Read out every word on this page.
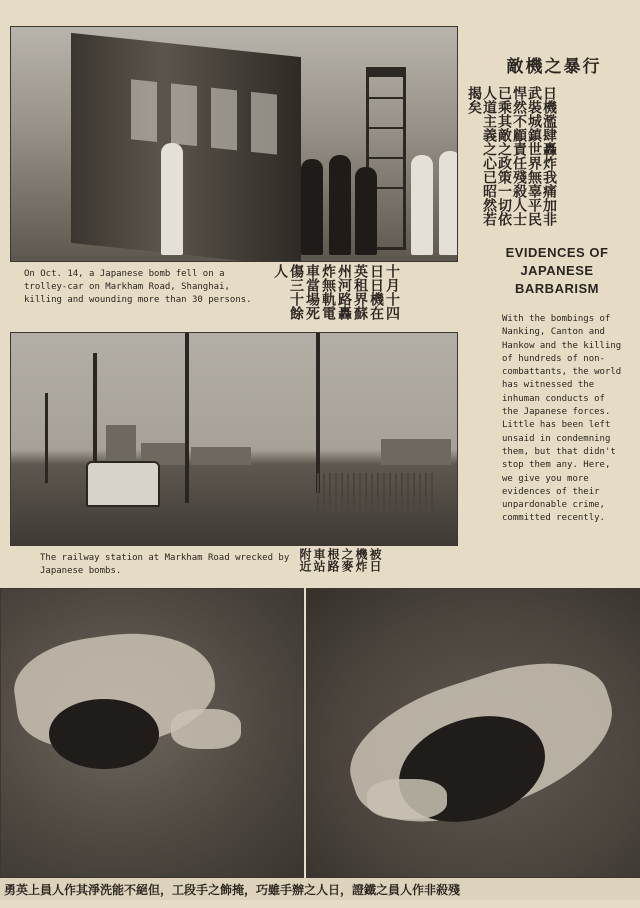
敵機之暴行

日機濫肆轟炸我痛加非武裝城鎮世界無辜平民悍然不顧責任殘殺人士已乘其敵之政策一切依人道主義之心已昭然若揭矣

EVIDENCES OF JAPANESE BARBARISM

With the bombings of Nanking, Canton and Hankow and the killing of hundreds of non-combattants, the world has witnessed the inhuman conducts of the Japanese forces. Little has been left unsaid in condemning them, but that didn't stop them any. Here, we give you more evidences of their unpardonable crime, committed recently.

On Oct. 14, a Japanese bomb fell on a trolley-car on Markham Road, Shanghai, killing and wounding more than 30 persons.	十月十四日日機在英租界蘇州河路轟炸無軌電車當場死傷三十餘人

The railway station at Markham Road wrecked by Japanese bombs.	被日機炸之麥根路車站附近

勇英上員人作其淨洗能不絕但，工段手之飾掩，巧雖手辦之人日，證鐵之員人作非殺殘
